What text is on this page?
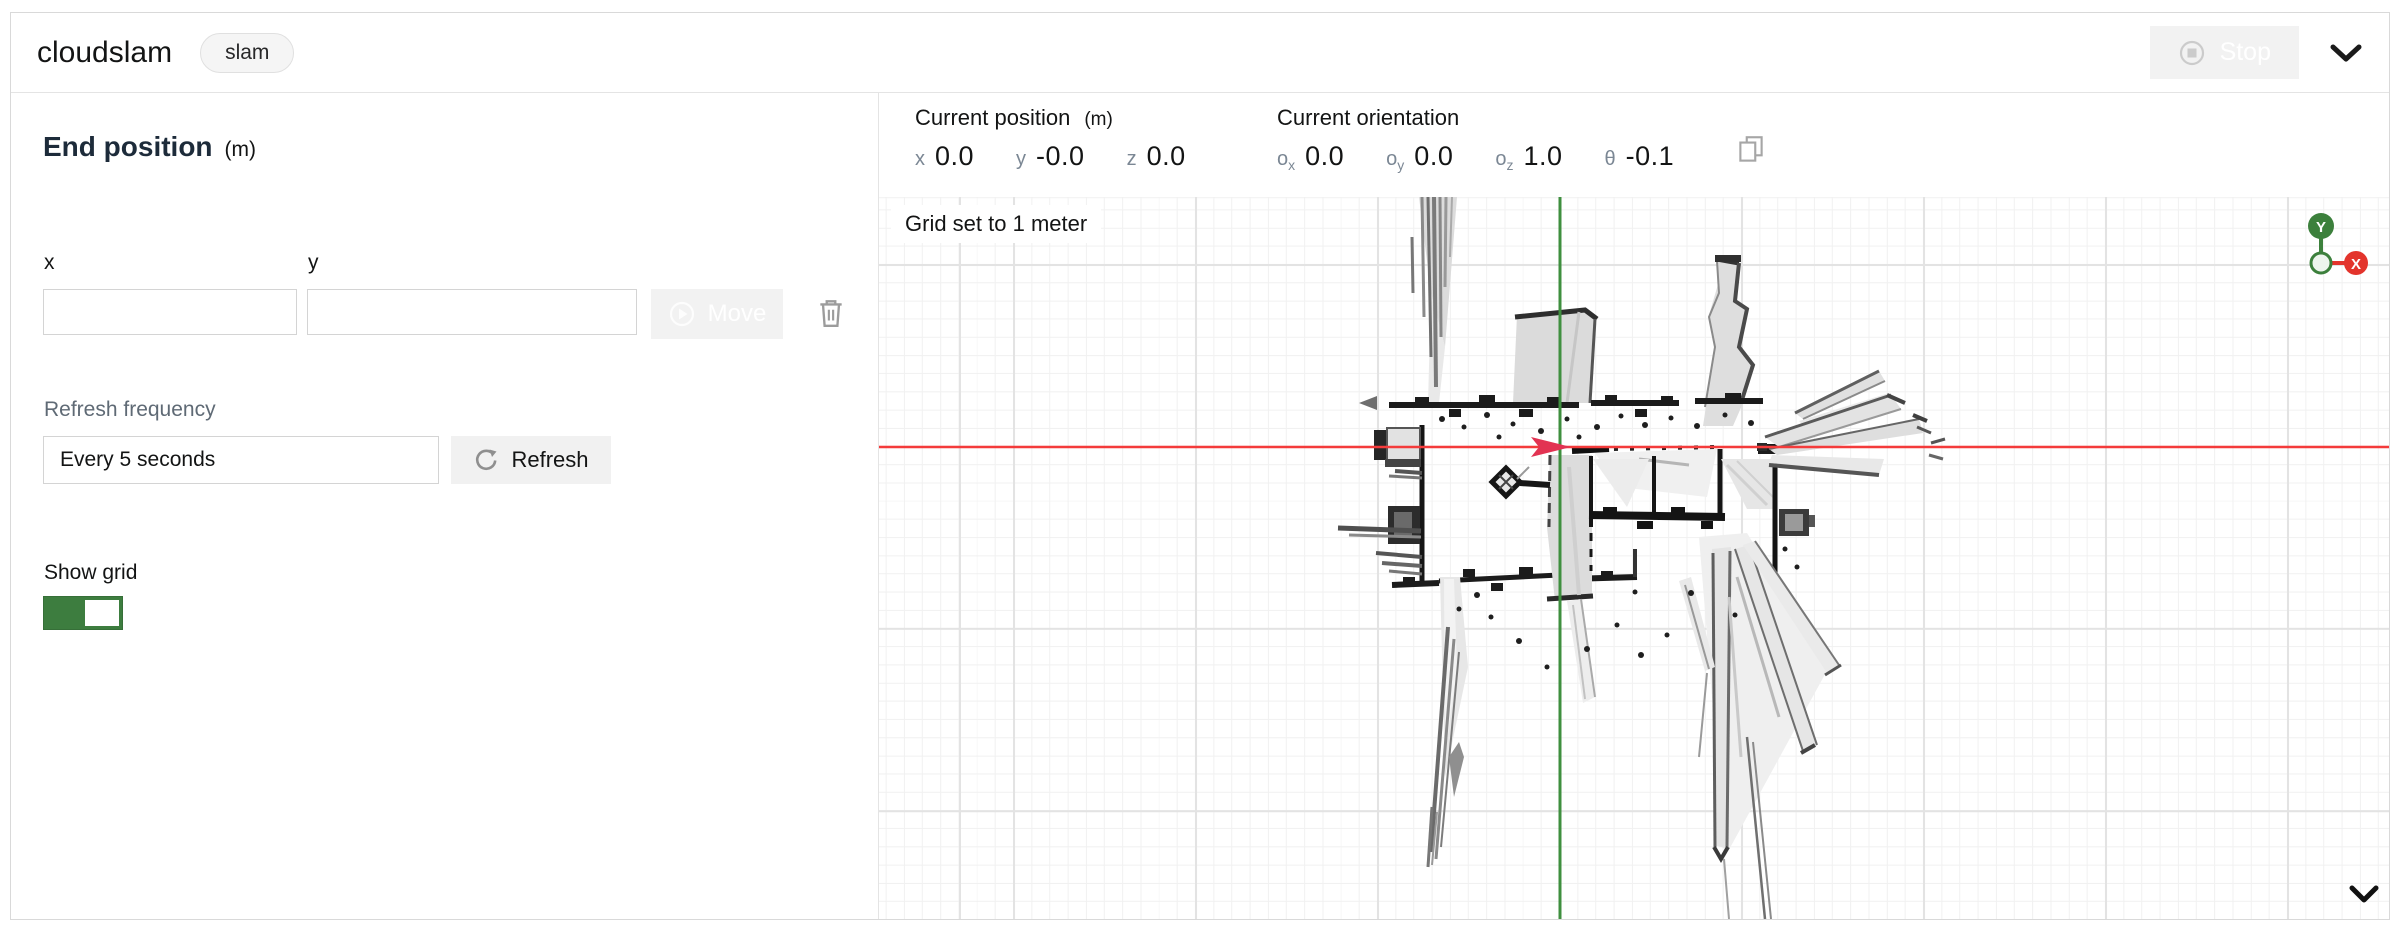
cloudslam	slam	Stop
End position (m)
x	y
Move
Refresh frequency
Every 5 seconds	Refresh
Show grid
Current position (m)
x 0.0 y -0.0 z 0.0
Current orientation
$o_x$ 0.0 $o_y$ 0.0 $o_z$ 1.0 θ -0.1
Grid set to 1 meter	Y
X
